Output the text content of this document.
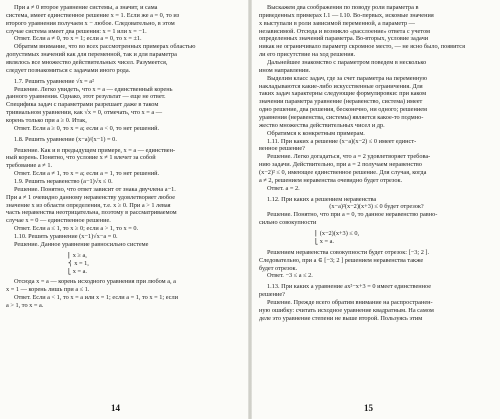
При a ≠ 0 второе уравнение системы, а значит, и сама

система, имеет единственное решение x = 1. Если же a = 0, то из

второго уравнения получаем x − любое. Следовательно, в этом

случае система имеет два решения: x = 1 или x = −1.

Ответ. Если a ≠ 0, то x = 1; если a = 0, то x = ±1.

Обратим внимание, что во всех рассмотренных примерах областью

допустимых значений как для переменной, так и для параметра

являлось все множество действительных чисел. Разумеется,

следует познакомиться с задачами иного рода.

1.7. Решить уравнение √x = a²

Решение. Легко увидеть, что x = a — единственный корень

данного уравнения. Однако, этот результат — еще не ответ.

Специфика задач с параметрами разрешает даже в таком

тривиальном уравнении, как √x = 0, отмечать, что x = a —

корень только при a ≥ 0. Итак,

Ответ. Если a ≥ 0, то x = a; если a < 0, то нет решений.

1.8. Решить уравнение (x−a)/(x−1) = 0.

Решение. Как и в предыдущем примере, x = a — единствен-

ный корень. Понятно, что условие x ≠ 1 влечет за собой

требование a ≠ 1.

Ответ. Если a ≠ 1, то x = a; если a = 1, то нет решений.

1.9. Решить неравенство (a−1)√x ≤ 0.

Решение. Понятно, что ответ зависит от знака двучлена a−1.

При a ≠ 1 очевидно данному неравенству удовлетворяет любое

значение x из области определения, т.е. x ≥ 0. При a > 1 левая

часть неравенства неотрицательна, поэтому в рассматриваемом

случае x = 0 — единственное решение.

Ответ. Если a ≤ 1, то x ≥ 0; если a > 1, то x = 0.

1.10. Решить уравнение (x−1)√x−a = 0.

Решение. Данное уравнение равносильно системе

⎡ x ≥ a,

⎨ x = 1,

⎣ x = a.

Отсюда x = a — корень исходного уравнения при любом a, а

x = 1 — корень лишь при a ≤ 1.

Ответ. Если a < 1, то x = a или x = 1; если a = 1, то x = 1; если

a > 1, то x = a.

14

Выскажем два соображения по поводу роли параметра в

приведенных примерах I.1 — I.10. Во-первых, искомые значения

x выступали в роли зависимой переменной, а параметр —

независимой. Отсюда и возникло «расслоение» ответа с учетом

определенных значений параметра. Во-вторых, условие задачи

никак не ограничивало параметр скромное место, — не ясно было, появится

ли его присутствие на ход решения.

Дальнейшее знакомство с параметром поведем в несколько

ином направлении.

Выделим класс задач, где за счет параметра на переменную

накладываются какие-либо искусственные ограничения. Для

таких задач характерны следующие формулировки: при каком

значении параметра уравнение (неравенство, система) имеет

одно решение, два решения, бесконечно, ни одного; решением

уравнения (неравенства, системы) является какое-то подмно-

жество множества действительных чисел и др.

Обратимся к конкретным примерам.

1.11. При каких a решение (x−a)(x−2) ≤ 0 имеет единст-

венное решение?

Решение. Легко догадаться, что a = 2 удовлетворяет требова-

нию задачи. Действительно, при a = 2 получаем неравенство

(x−2)² ≤ 0, имеющее единственное решение. Для случая, когда

a ≠ 2, решением неравенства очевидно будет отрезок.

Ответ. a = 2.

1.12. При каких a решением неравенства

(x−a)²(x−2)(x+3) ≤ 0 будет отрезок?

Решение. Понятно, что при a = 0, то данное неравенство равно-

сильно совокупности

⎡ (x−2)(x+3) ≤ 0,

⎣ x = a.

Решением неравенства совокупности будет отрезок: [−3; 2 ].

Следовательно, при a ∈ [−3; 2 ] решением неравенства также

будет отрезок.

Ответ. −3 ≤ a ≤ 2.

1.13. При каких a уравнение ax²−x+3 = 0 имеет единственное

решение?

Решение. Прежде всего обратим внимание на распространен-

ную ошибку: считать исходное уравнение квадратным. На самом

деле это уравнение степени не выше второй. Пользуясь этим

15
